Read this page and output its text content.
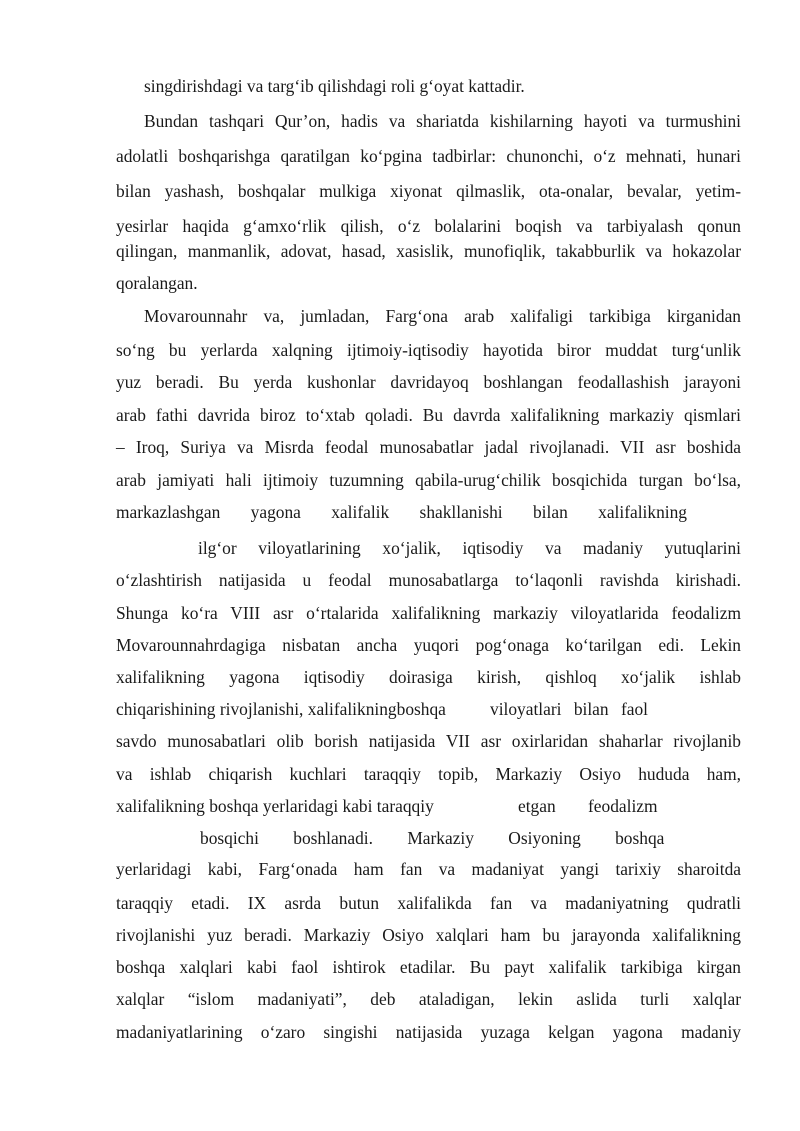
singdirishdagi va targ‘ib qilishdagi roli g‘oyat kattadir.
Bundan tashqari Qur’on, hadis va shariatda kishilarning hayoti va turmushini
adolatli boshqarishga qaratilgan ko‘pgina tadbirlar: chunonchi, o‘z mehnati, hunari
bilan yashash, boshqalar mulkiga xiyonat qilmaslik, ota-onalar, bevalar, yetim-
yesirlar haqida g‘amxo‘rlik qilish, o‘z bolalarini boqish va tarbiyalash qonun
qilingan, manmanlik, adovat, hasad, xasislik, munofiqlik, takabburlik va hokazolar
qoralangan.
Movarounnahr va, jumladan, Farg‘ona arab xalifaligi tarkibiga kirganidan
so‘ng bu yerlarda xalqning ijtimoiy-iqtisodiy hayotida biror muddat turg‘unlik
yuz beradi. Bu yerda kushonlar davridayoq boshlangan feodallashish jarayoni
arab fathi davrida biroz to‘xtab qoladi. Bu davrda xalifalikning markaziy qismlari
– Iroq, Suriya va Misrda feodal munosabatlar jadal rivojlanadi. VII asr boshida
arab jamiyati hali ijtimoiy tuzumning qabila-urug‘chilik bosqichida turgan bo‘lsa,
markazlashgan yagona xalifalik shakllanishi bilan xalifalikning
ilg‘or viloyatlarining xo‘jalik, iqtisodiy va madaniy yutuqlarini
o‘zlashtirish natijasida u feodal munosabatlarga to‘laqonli ravishda kirishadi.
Shunga ko‘ra VIII asr o‘rtalarida xalifalikning markaziy viloyatlarida feodalizm
Movarounnahrdagiga nisbatan ancha yuqori pog‘onaga ko‘tarilgan edi. Lekin
xalifalikning yagona iqtisodiy doirasiga kirish, qishloq xo‘jalik ishlab
chiqarishining rivojlanishi, xalifalikningboshqa	viloyatlari bilan faol
savdo munosabatlari olib borish natijasida VII asr oxirlaridan shaharlar rivojlanib
va ishlab chiqarish kuchlari taraqqiy topib, Markaziy Osiyo hududa ham,
xalifalikning boshqa yerlaridagi kabi taraqqiy	etgan feodalizm
bosqichi boshlanadi. Markaziy Osiyoning boshqa
yerlaridagi kabi, Farg‘onada ham fan va madaniyat yangi tarixiy sharoitda
taraqqiy etadi. IX asrda butun xalifalikda fan va madaniyatning qudratli
rivojlanishi yuz beradi. Markaziy Osiyo xalqlari ham bu jarayonda xalifalikning
boshqa xalqlari kabi faol ishtirok etadilar. Bu payt xalifalik tarkibiga kirgan
xalqlar “islom madaniyati”, deb ataladigan, lekin aslida turli xalqlar
madaniyatlarining o‘zaro singishi natijasida yuzaga kelgan yagona madaniy
